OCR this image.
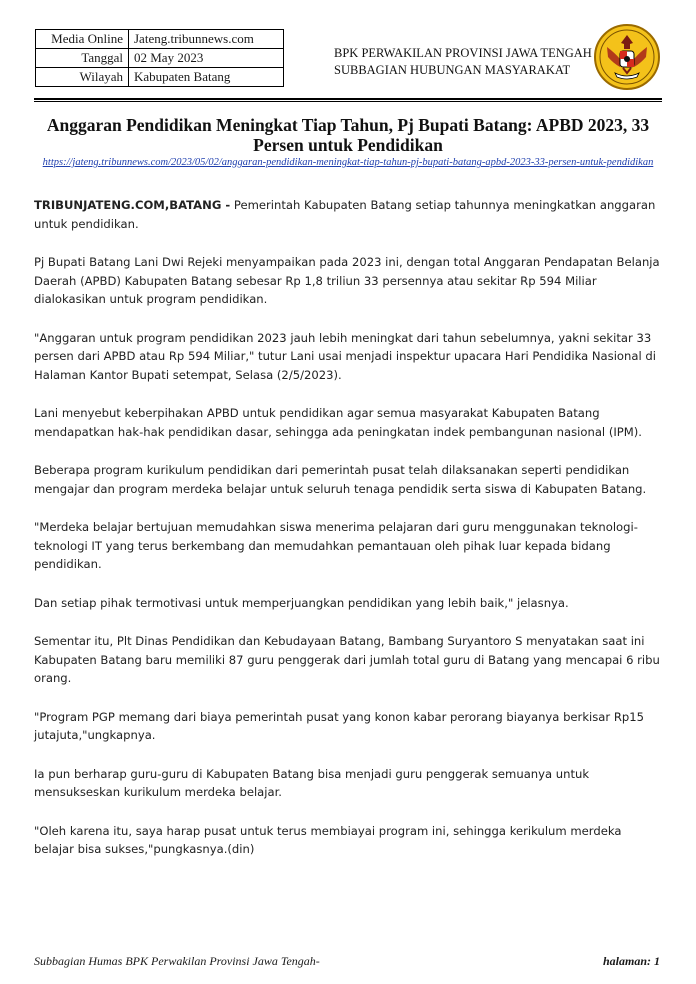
Media Online	Jateng.tribunnews.com
Tanggal	02 May 2023
Wilayah	Kabupaten Batang
BPK PERWAKILAN PROVINSI JAWA TENGAH
SUBBAGIAN HUBUNGAN MASYARAKAT
Anggaran Pendidikan Meningkat Tiap Tahun, Pj Bupati Batang: APBD 2023, 33 Persen untuk Pendidikan
https://jateng.tribunnews.com/2023/05/02/anggaran-pendidikan-meningkat-tiap-tahun-pj-bupati-batang-apbd-2023-33-persen-untuk-pendidikan

TRIBUNJATENG.COM,BATANG - Pemerintah Kabupaten Batang setiap tahunnya meningkatkan anggaran untuk pendidikan.

Pj Bupati Batang Lani Dwi Rejeki menyampaikan pada 2023 ini, dengan total Anggaran Pendapatan Belanja Daerah (APBD) Kabupaten Batang sebesar Rp 1,8 triliun 33 persennya atau sekitar Rp 594 Miliar dialokasikan untuk program pendidikan.

"Anggaran untuk program pendidikan 2023 jauh lebih meningkat dari tahun sebelumnya, yakni sekitar 33 persen dari APBD atau Rp 594 Miliar," tutur Lani usai menjadi inspektur upacara Hari Pendidika Nasional di Halaman Kantor Bupati setempat, Selasa (2/5/2023).

Lani menyebut keberpihakan APBD untuk pendidikan agar semua masyarakat Kabupaten Batang mendapatkan hak-hak pendidikan dasar, sehingga ada peningkatan indek pembangunan nasional (IPM).

Beberapa program kurikulum pendidikan dari pemerintah pusat telah dilaksanakan seperti pendidikan mengajar dan program merdeka belajar untuk seluruh tenaga pendidik serta siswa di Kabupaten Batang.

"Merdeka belajar bertujuan memudahkan siswa menerima pelajaran dari guru menggunakan teknologi-teknologi IT yang terus berkembang dan memudahkan pemantauan oleh pihak luar kepada bidang pendidikan.

Dan setiap pihak termotivasi untuk memperjuangkan pendidikan yang lebih baik," jelasnya.

Sementar itu, Plt Dinas Pendidikan dan Kebudayaan Batang, Bambang Suryantoro S menyatakan saat ini Kabupaten Batang baru memiliki 87 guru penggerak dari jumlah total guru di Batang yang mencapai 6 ribu orang.

"Program PGP memang dari biaya pemerintah pusat yang konon kabar perorang biayanya berkisar Rp15 jutajuta,"ungkapnya.

Ia pun berharap guru-guru di Kabupaten Batang bisa menjadi guru penggerak semuanya untuk mensukseskan kurikulum merdeka belajar.

"Oleh karena itu, saya harap pusat untuk terus membiayai program ini, sehingga kerikulum merdeka belajar bisa sukses,"pungkasnya.(din)

Subbagian Humas BPK Perwakilan Provinsi Jawa Tengah-	halaman: 1
